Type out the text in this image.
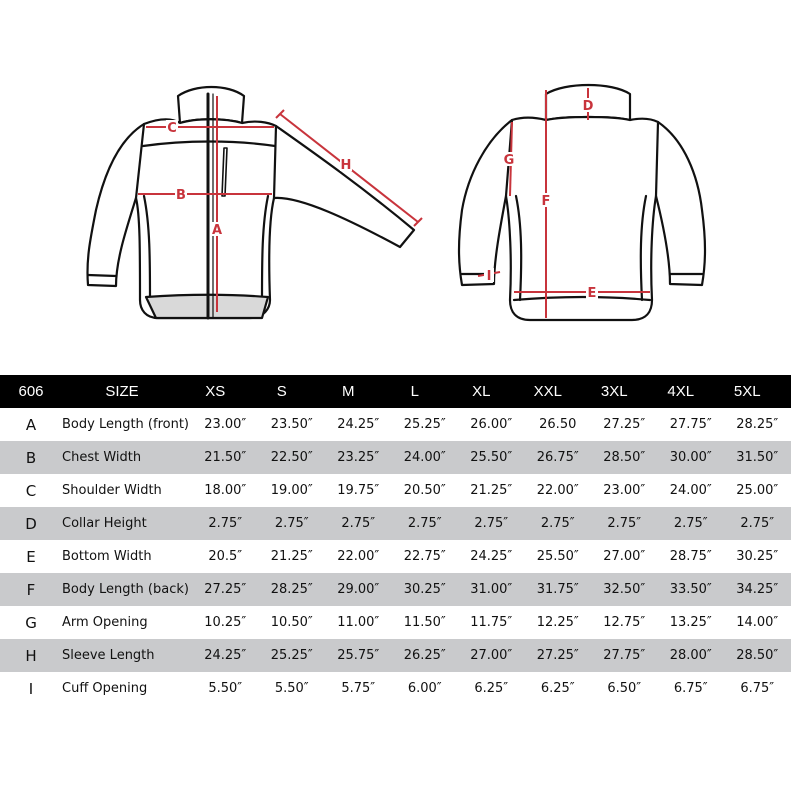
C
B
A
H
D
F
G
E
I
606	SIZE	XS	S	M	L	XL	XXL	3XL	4XL	5XL
A	Body Length (front)	23.00″	23.50″	24.25″	25.25″	26.00″	26.50	27.25″	27.75″	28.25″
B	Chest Width	21.50″	22.50″	23.25″	24.00″	25.50″	26.75″	28.50″	30.00″	31.50″
C	Shoulder Width	18.00″	19.00″	19.75″	20.50″	21.25″	22.00″	23.00″	24.00″	25.00″
D	Collar Height	2.75″	2.75″	2.75″	2.75″	2.75″	2.75″	2.75″	2.75″	2.75″
E	Bottom Width	20.5″	21.25″	22.00″	22.75″	24.25″	25.50″	27.00″	28.75″	30.25″
F	Body Length (back)	27.25″	28.25″	29.00″	30.25″	31.00″	31.75″	32.50″	33.50″	34.25″
G	Arm Opening	10.25″	10.50″	11.00″	11.50″	11.75″	12.25″	12.75″	13.25″	14.00″
H	Sleeve Length	24.25″	25.25″	25.75″	26.25″	27.00″	27.25″	27.75″	28.00″	28.50″
I	Cuff Opening	5.50″	5.50″	5.75″	6.00″	6.25″	6.25″	6.50″	6.75″	6.75″
